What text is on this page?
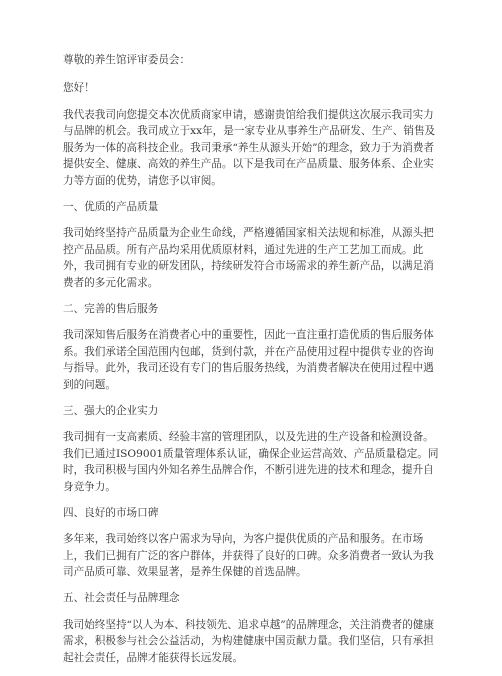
尊敬的养生馆评审委员会：

您好！

我代表我司向您提交本次优质商家申请，感谢贵馆给我们提供这次展示我司实力与品牌的机会。我司成立于xx年，是一家专业从事养生产品研发、生产、销售及服务为一体的高科技企业。我司秉承“养生从源头开始”的理念，致力于为消费者提供安全、健康、高效的养生产品。以下是我司在产品质量、服务体系、企业实力等方面的优势，请您予以审阅。

一、优质的产品质量

我司始终坚持产品质量为企业生命线，严格遵循国家相关法规和标准，从源头把控产品品质。所有产品均采用优质原材料，通过先进的生产工艺加工而成。此外，我司拥有专业的研发团队，持续研发符合市场需求的养生新产品，以满足消费者的多元化需求。

二、完善的售后服务

我司深知售后服务在消费者心中的重要性，因此一直注重打造优质的售后服务体系。我们承诺全国范围内包邮，货到付款，并在产品使用过程中提供专业的咨询与指导。此外，我司还设有专门的售后服务热线，为消费者解决在使用过程中遇到的问题。

三、强大的企业实力

我司拥有一支高素质、经验丰富的管理团队，以及先进的生产设备和检测设备。我们已通过ISO9001质量管理体系认证，确保企业运营高效、产品质量稳定。同时，我司积极与国内外知名养生品牌合作，不断引进先进的技术和理念，提升自身竞争力。

四、良好的市场口碑

多年来，我司始终以客户需求为导向，为客户提供优质的产品和服务。在市场上，我们已拥有广泛的客户群体，并获得了良好的口碑。众多消费者一致认为我司产品质可靠、效果显著，是养生保健的首选品牌。

五、社会责任与品牌理念

我司始终坚持“以人为本、科技领先、追求卓越”的品牌理念，关注消费者的健康需求，积极参与社会公益活动，为构建健康中国贡献力量。我们坚信，只有承担起社会责任，品牌才能获得长远发展。
